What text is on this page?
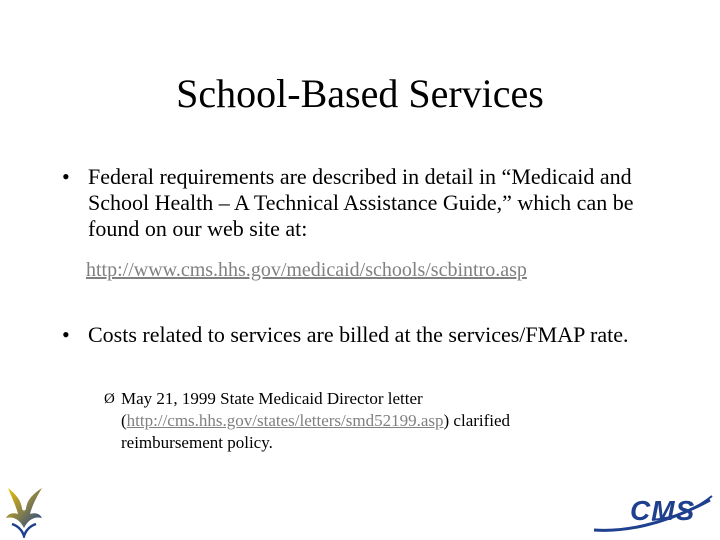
School-Based Services
• Federal requirements are described in detail in “Medicaid and School Health – A Technical Assistance Guide,” which can be found on our web site at:
http://www.cms.hhs.gov/medicaid/schools/scbintro.asp
• Costs related to services are billed at the services/FMAP rate.
Ø May 21, 1999 State Medicaid Director letter (http://cms.hhs.gov/states/letters/smd52199.asp) clarified reimbursement policy.
CMS
